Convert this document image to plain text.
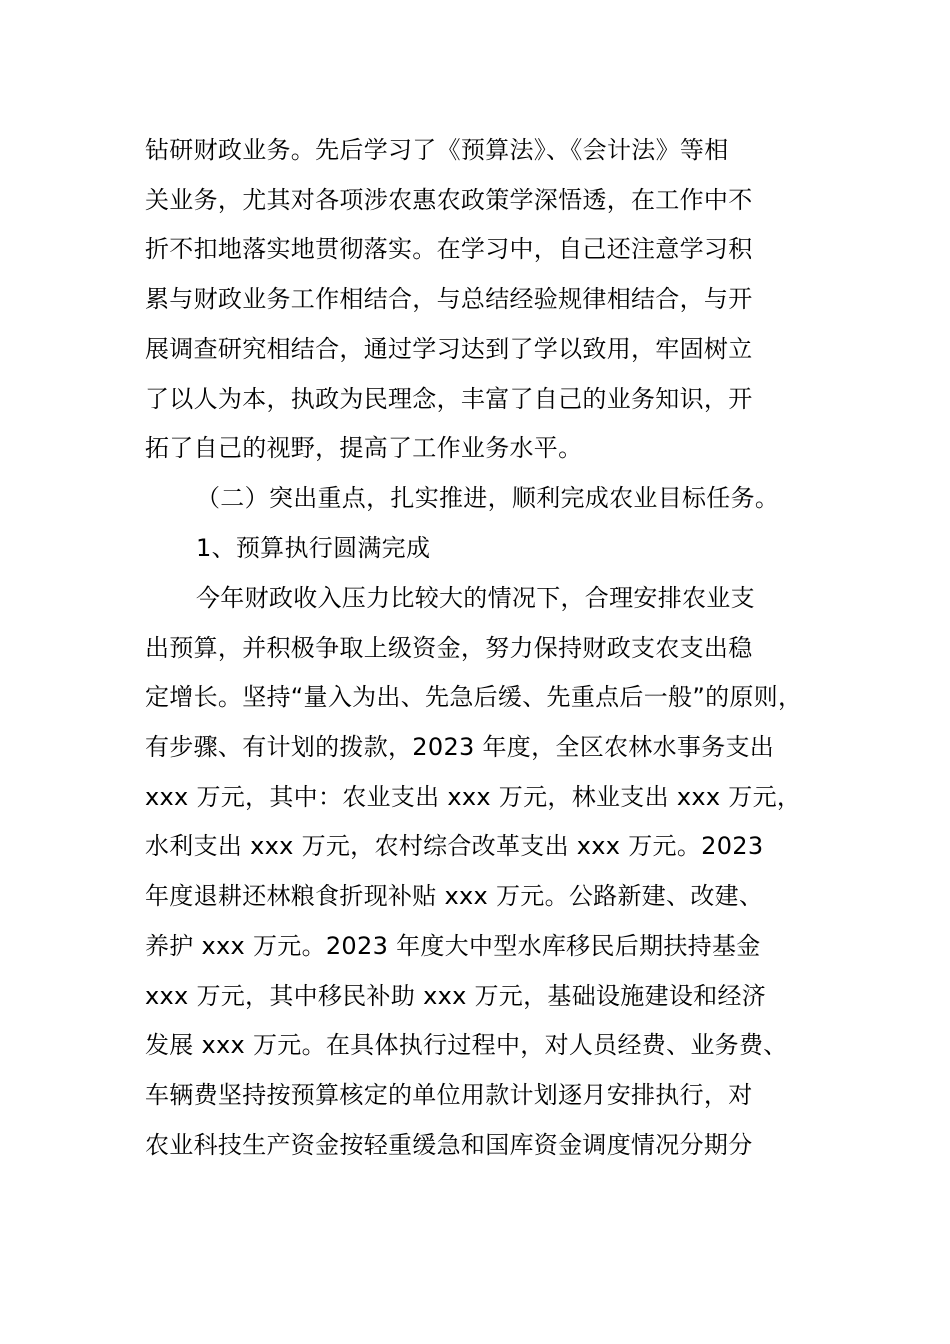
钻研财政业务。先后学习了《预算法》、《会计法》等相
关业务，尤其对各项涉农惠农政策学深悟透，在工作中不
折不扣地落实地贯彻落实。在学习中，自己还注意学习积
累与财政业务工作相结合，与总结经验规律相结合，与开
展调查研究相结合，通过学习达到了学以致用，牢固树立
了以人为本，执政为民理念，丰富了自己的业务知识，开
拓了自己的视野，提高了工作业务水平。
（二）突出重点，扎实推进，顺利完成农业目标任务。
1、预算执行圆满完成
今年财政收入压力比较大的情况下，合理安排农业支
出预算，并积极争取上级资金，努力保持财政支农支出稳
定增长。坚持“量入为出、先急后缓、先重点后一般”的原则，
有步骤、有计划的拨款，2023 年度，全区农林水事务支出
xxx 万元，其中：农业支出 xxx 万元，林业支出 xxx 万元，
水利支出 xxx 万元，农村综合改革支出 xxx 万元。2023
年度退耕还林粮食折现补贴 xxx 万元。公路新建、改建、
养护 xxx 万元。2023 年度大中型水库移民后期扶持基金
xxx 万元，其中移民补助 xxx 万元，基础设施建设和经济
发展 xxx 万元。在具体执行过程中，对人员经费、业务费、
车辆费坚持按预算核定的单位用款计划逐月安排执行，对
农业科技生产资金按轻重缓急和国库资金调度情况分期分
